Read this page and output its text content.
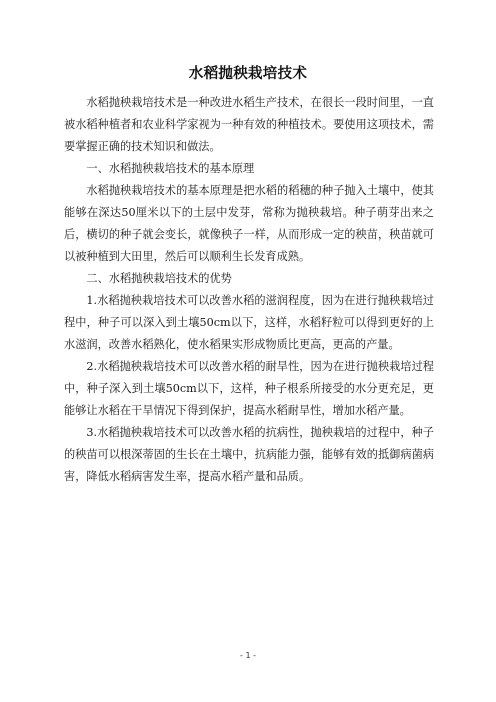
水稻抛秧栽培技术

水稻抛秧栽培技术是一种改进水稻生产技术，在很长一段时间里，一直被水稻种植者和农业科学家视为一种有效的种植技术。要使用这项技术，需要掌握正确的技术知识和做法。

一、水稻抛秧栽培技术的基本原理

水稻抛秧栽培技术的基本原理是把水稻的稻穗的种子抛入土壤中，使其能够在深达50厘米以下的土层中发芽，常称为抛秧栽培。种子萌芽出来之后，横切的种子就会变长，就像秧子一样，从而形成一定的秧苗，秧苗就可以被种植到大田里，然后可以顺利生长发育成熟。

二、水稻抛秧栽培技术的优势

1.水稻抛秧栽培技术可以改善水稻的滋润程度，因为在进行抛秧栽培过程中，种子可以深入到土壤50cm以下，这样，水稻籽粒可以得到更好的上水滋润，改善水稻熟化，使水稻果实形成物质比更高，更高的产量。

2.水稻抛秧栽培技术可以改善水稻的耐旱性，因为在进行抛秧栽培过程中，种子深入到土壤50cm以下，这样，种子根系所接受的水分更充足，更能够让水稻在干旱情况下得到保护，提高水稻耐旱性，增加水稻产量。

3.水稻抛秧栽培技术可以改善水稻的抗病性，抛秧栽培的过程中，种子的秧苗可以根深蒂固的生长在土壤中，抗病能力强，能够有效的抵御病菌病害，降低水稻病害发生率，提高水稻产量和品质。

- 1 -
